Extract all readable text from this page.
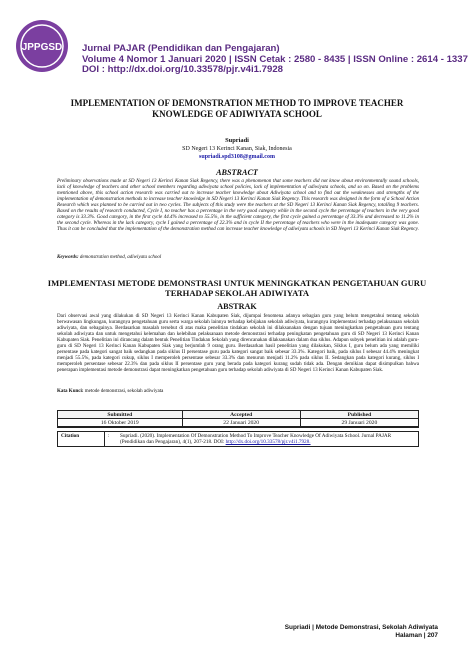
JPPGSD Jurnal PAJAR (Pendidikan dan Pengajaran)
Volume 4 Nomor 1 Januari 2020 | ISSN Cetak : 2580 - 8435 | ISSN Online : 2614 - 1337
DOI : http://dx.doi.org/10.33578/pjr.v4i1.7928
IMPLEMENTATION OF DEMONSTRATION METHOD TO IMPROVE TEACHER KNOWLEDGE OF ADIWIYATA SCHOOL
Supriadi
SD Negeri 13 Kerinci Kanan, Siak, Indonesia
supriadi.spd3108@gmail.com
ABSTRACT
Preliminary observations made at SD Negeri 13 Kerinci Kanan Siak Regency, there was a phenomenon that some teachers did not know about environmentally sound schools, lack of knowledge of teachers and other school members regarding adiwiyata school policies, lack of implementation of adiwiyata schools, and so on. Based on the problems mentioned above, this school action research was carried out to increase teacher knowledge about Adiwiyata school and to find out the weaknesses and strengths of the implementation of demonstration methods to increase teacher knowledge in SD Negeri 13 Kerinci Kanan Siak Regency. This research was designed in the form of a School Action Research which was planned to be carried out in two cycles. The subjects of this study were the teachers at the SD Negeri 13 Kerinci Kanan Siak Regency, totalling 9 teachers. Based on the results of research conducted, Cycle I, no teacher has a percentage in the very good category while in the second cycle the percentage of teachers in the very good category is 33.3%. Good category, in the first cycle 44.4% increased to 55.5%, in the sufficient category, the first cycle gained a percentage of 33.3% and decreased to 11.2% in the second cycle. Whereas in the lack category, cycle I gained a percentage of 22.3% and in cycle II the percentage of teachers who were in the inadequate category was gone. Thus it can be concluded that the implementation of the demonstration method can increase teacher knowledge of adiwiyata schools in SD Negeri 13 Kerinci Kanan Siak Regency.
Keywords: demonstration method, adiwiyata school
IMPLEMENTASI METODE DEMONSTRASI UNTUK MENINGKATKAN PENGETAHUAN GURU TERHADAP SEKOLAH ADIWIYATA
ABSTRAK
Dari observasi awal yang dilakukan di SD Negeri 13 Kerinci Kanan Kabupaten Siak, dijumpai fenomena adanya sebagian guru yang belum mengetahui tentang sekolah berwawasan lingkungan, kurangnya pengetahuan guru serta warga sekolah lainnya terhadap kebijakan sekolah adiwiyata, kurangnya implementasi terhadap pelaksanaan sekolah adiwiyata, dan sebagainya. Berdasarkan masalah tersebut di atas maka penelitian tindakan sekolah ini dilaksanakan dengan tujuan meningkatkan pengetahuan guru tentang sekolah adiwiyata dan untuk mengetahui kelemahan dan kelebihan pelaksanaan metode demonstrasi terhadap peningkatan pengetahuan guru di SD Negeri 13 Kerinci Kanan Kabupaten Siak. Penelitian ini dirancang dalam bentuk Penelitian Tindakan Sekolah yang direncanakan dilaksanakan dalam dua siklus. Adapun subyek penelitian ini adalah guru-guru di SD Negeri 13 Kerinci Kanan Kabupaten Siak yang berjumlah 9 orang guru. Berdasarkan hasil penelitian yang dilakukan, Siklus I, guru belum ada yang memiliki persentase pada kategori sangat baik sedangkan pada siklus II persentase guru pada kategori sangat baik sebesar 33.3%. Kategori baik, pada siklus I sebesar 44.4% meningkat menjadi 55.5%, pada kategori cukup, siklus I memperoleh persentase sebesar 33.3% dan menurun menjadi 11.2% pada siklus II. Sedangkan pada kategori kurang, siklus I memperoleh persentase sebesar 22.3% dan pada siklus II persentase guru yang berada pada kategori kurang sudah tidak ada. Dengan demikian dapat disimpulkan bahwa penerapan implementasi metode demonstrasi dapat meningkatkan pengetahuan guru terhadap sekolah adiwiyata di SD Negeri 13 Kerinci Kanan Kabupaten Siak.
Kata Kunci: metode demonstrasi, sekolah adiwiyata
Submitted	Accepted	Published
16 Oktober 2019	22 Januari 2020	29 Januari 2020
Citation	:	Supriadi. (2020). Implementation Of Demonstration Method To Improve Teacher Knowledge Of Adiwiyata School. Jurnal PAJAR (Pendidikan dan Pengajaran), 4(1), 207-218. DOI: http://dx.doi.org/10.33578/pjr.v4i1.7928.
Supriadi | Metode Demonstrasi, Sekolah Adiwiyata
Halaman | 207
